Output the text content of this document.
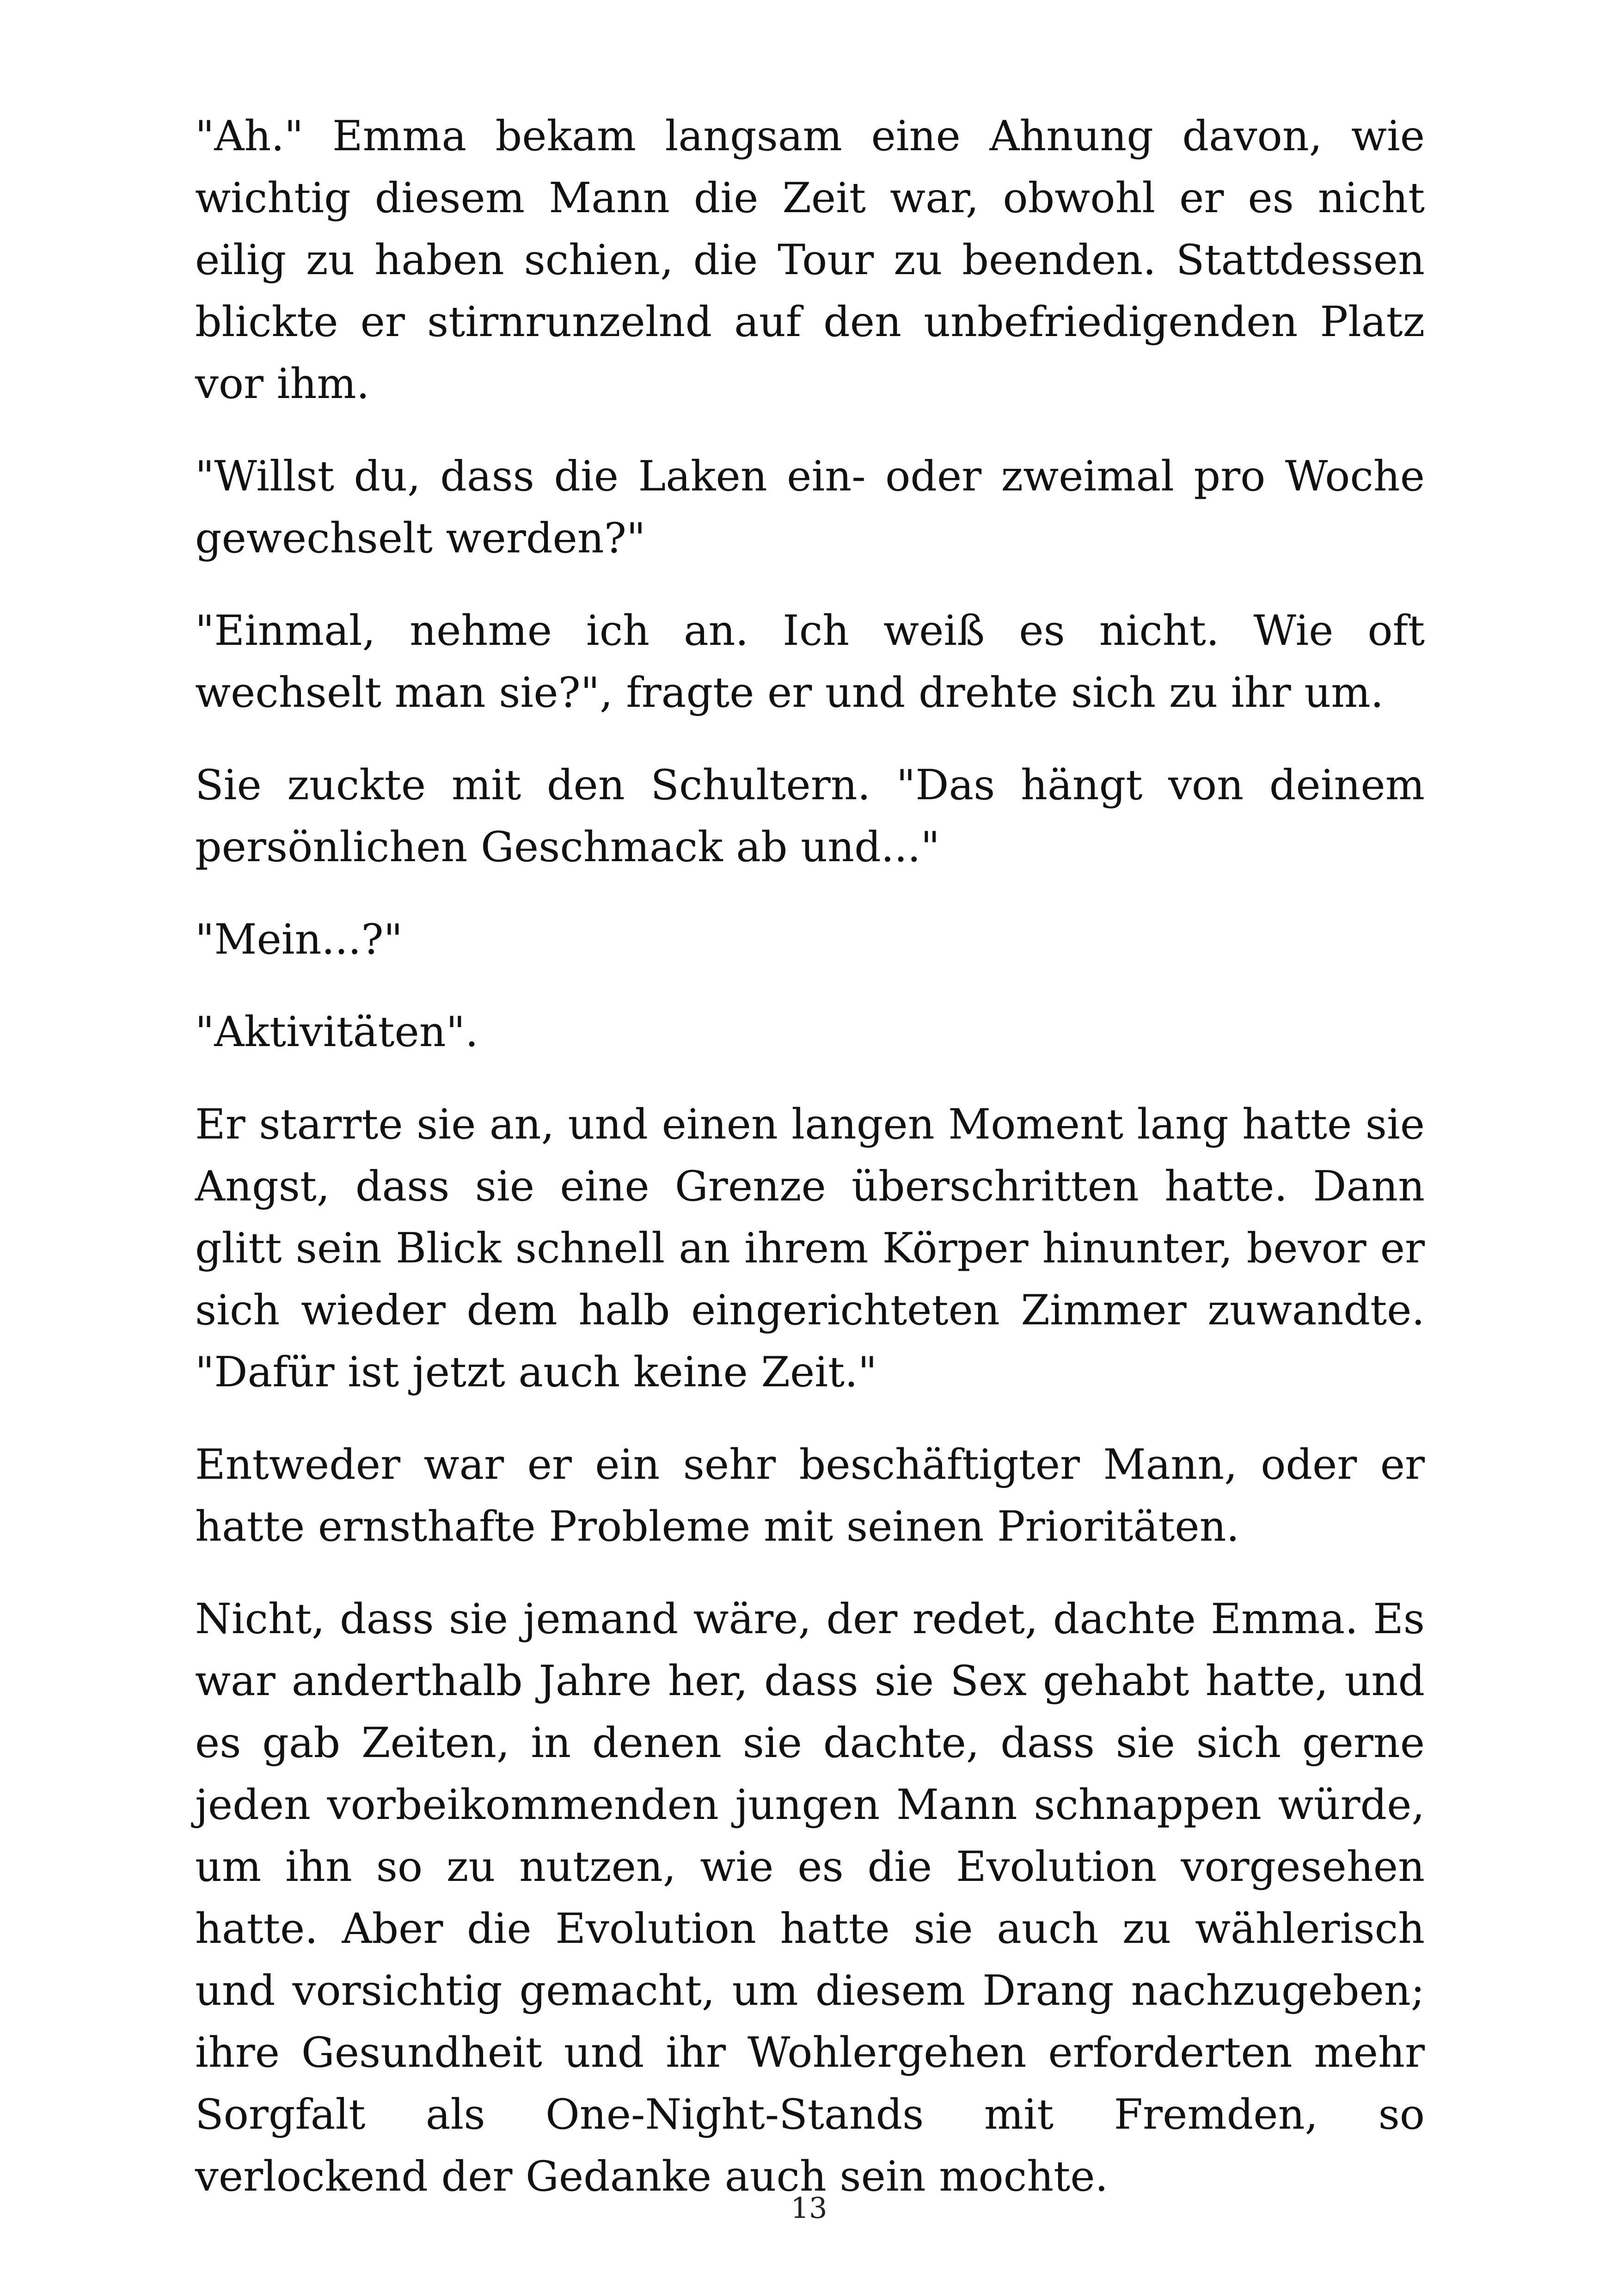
"Ah." Emma bekam langsam eine Ahnung davon, wie wichtig diesem Mann die Zeit war, obwohl er es nicht eilig zu haben schien, die Tour zu beenden. Stattdessen blickte er stirnrunzelnd auf den unbefriedigenden Platz vor ihm.

"Willst du, dass die Laken ein- oder zweimal pro Woche gewechselt werden?"

"Einmal, nehme ich an. Ich weiß es nicht. Wie oft wechselt man sie?", fragte er und drehte sich zu ihr um.

Sie zuckte mit den Schultern. "Das hängt von deinem persönlichen Geschmack ab und..."

"Mein...?"

"Aktivitäten".

Er starrte sie an, und einen langen Moment lang hatte sie Angst, dass sie eine Grenze überschritten hatte. Dann glitt sein Blick schnell an ihrem Körper hinunter, bevor er sich wieder dem halb eingerichteten Zimmer zuwandte. "Dafür ist jetzt auch keine Zeit."

Entweder war er ein sehr beschäftigter Mann, oder er hatte ernsthafte Probleme mit seinen Prioritäten.

Nicht, dass sie jemand wäre, der redet, dachte Emma. Es war anderthalb Jahre her, dass sie Sex gehabt hatte, und es gab Zeiten, in denen sie dachte, dass sie sich gerne jeden vorbeikommenden jungen Mann schnappen würde, um ihn so zu nutzen, wie es die Evolution vorgesehen hatte. Aber die Evolution hatte sie auch zu wählerisch und vorsichtig gemacht, um diesem Drang nachzugeben; ihre Gesundheit und ihr Wohlergehen erforderten mehr Sorgfalt als One-Night-Stands mit Fremden, so verlockend der Gedanke auch sein mochte.

13
